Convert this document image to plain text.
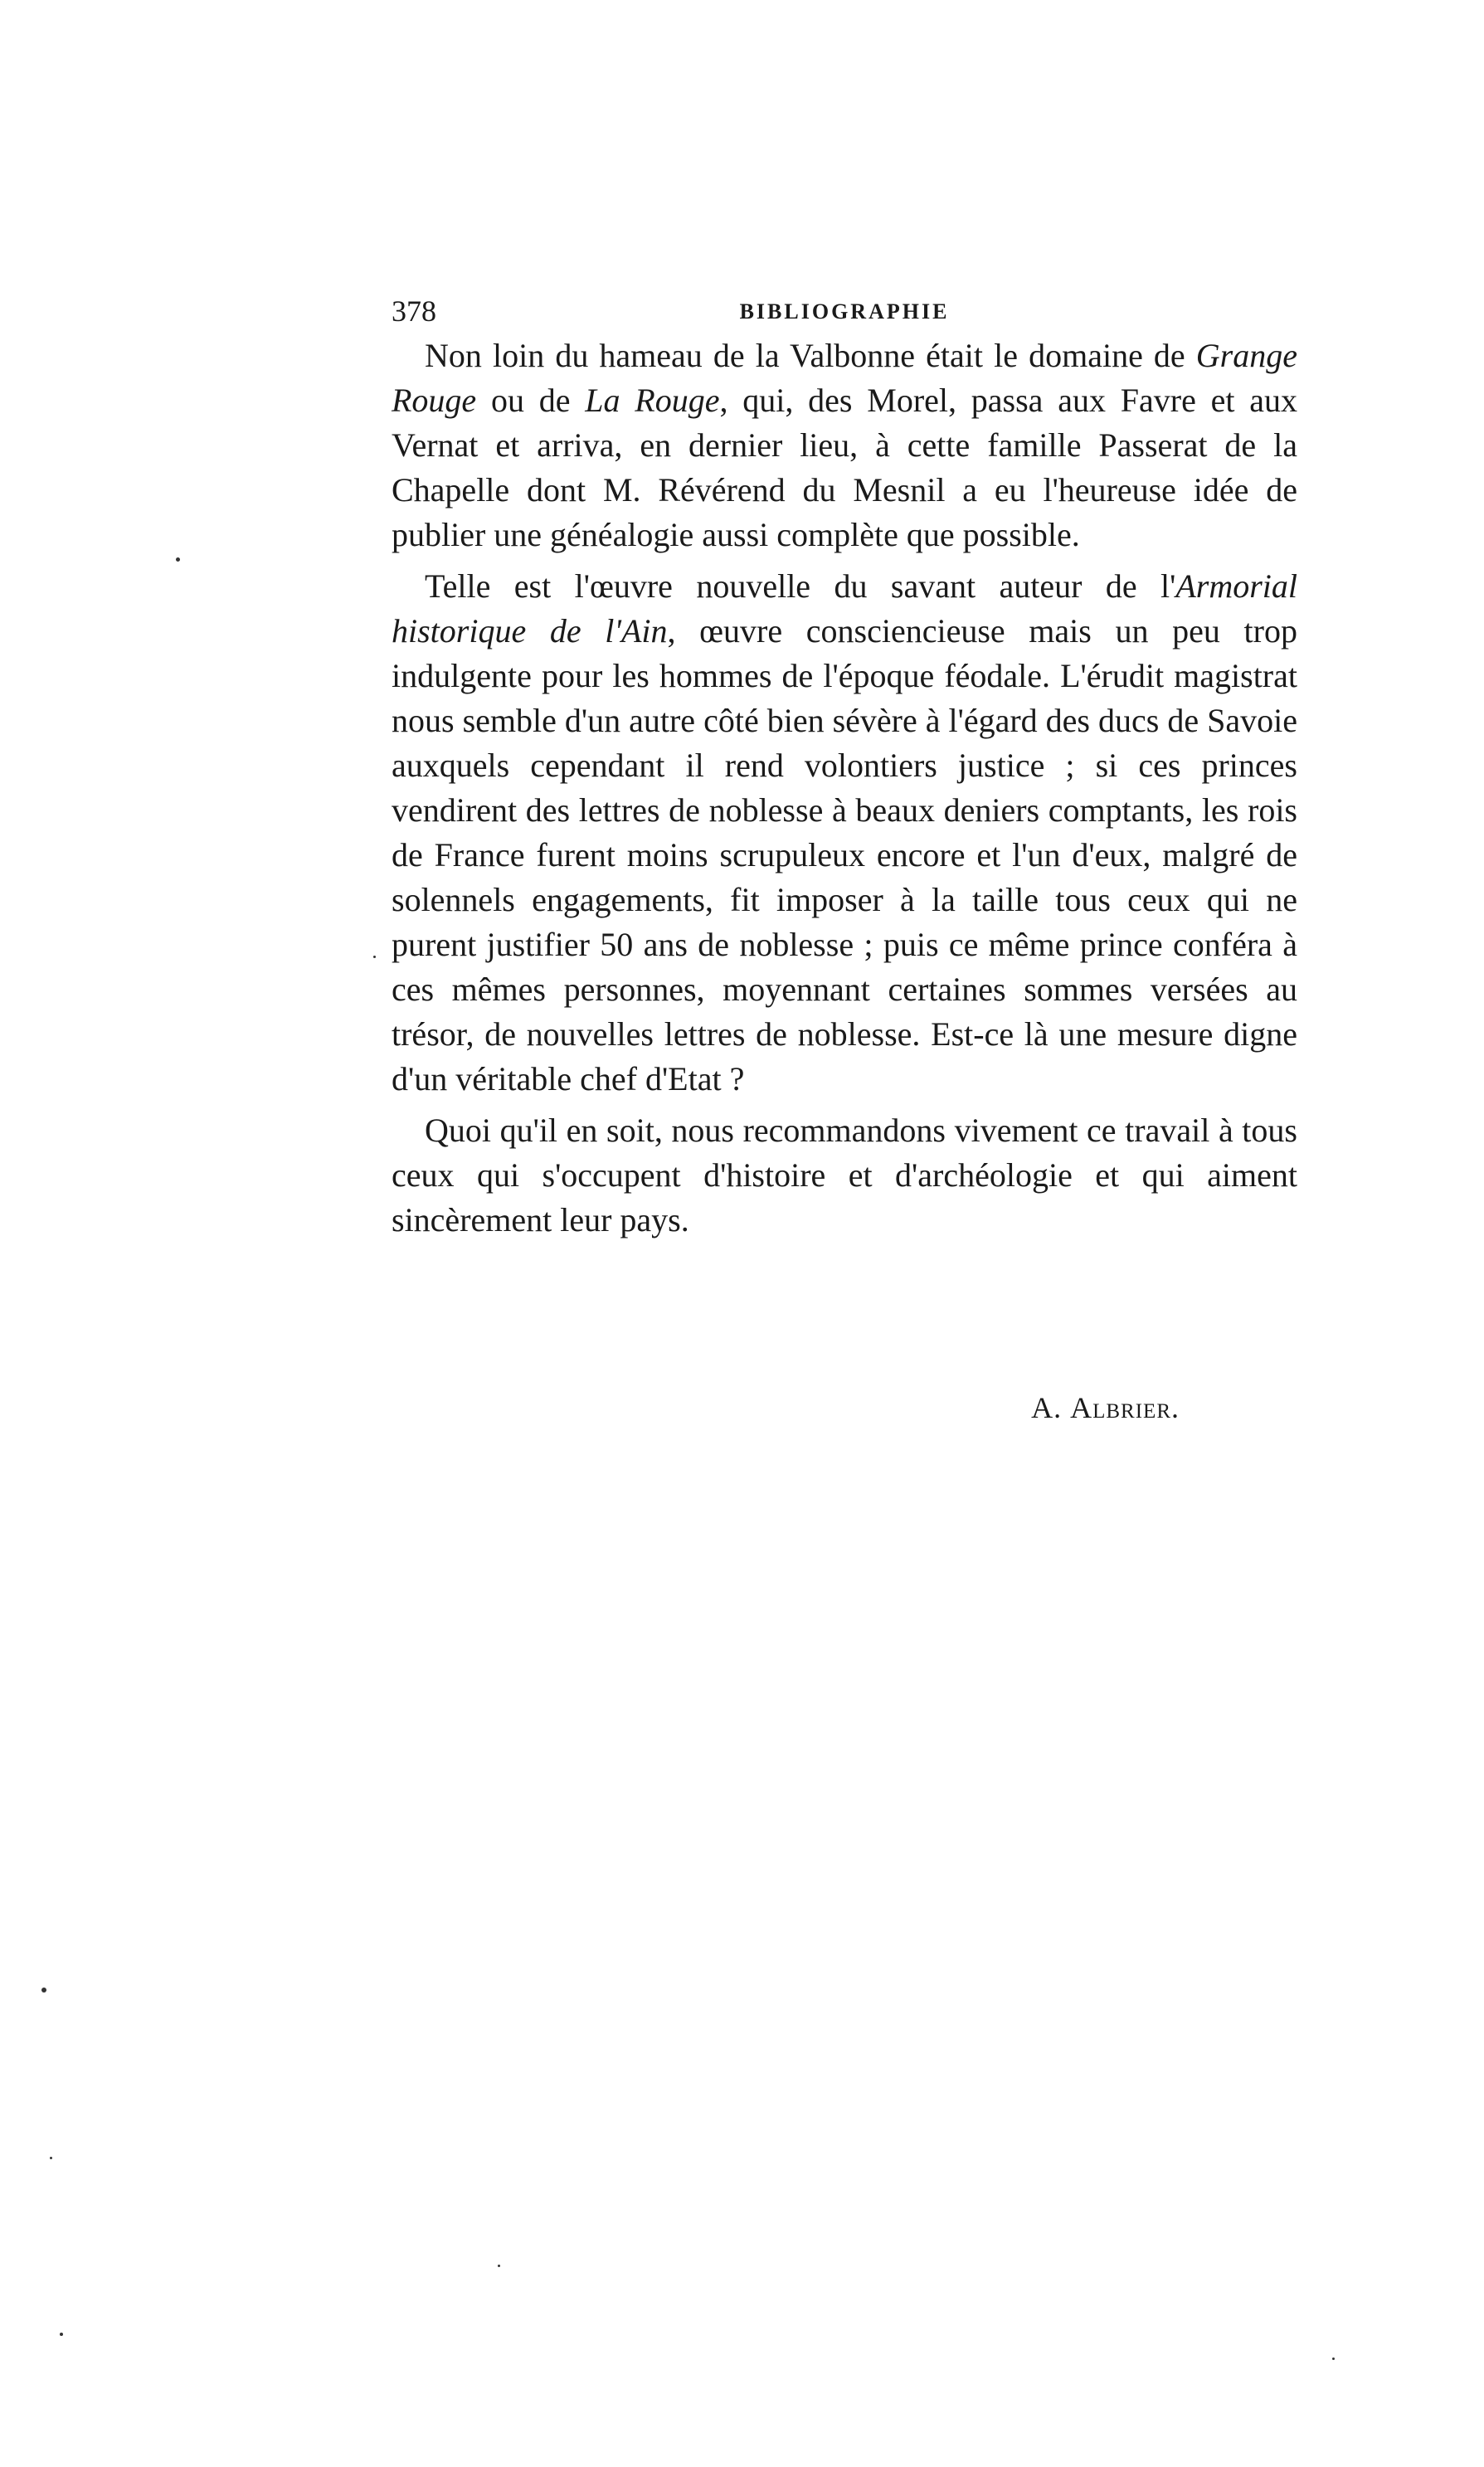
378	BIBLIOGRAPHIE

Non loin du hameau de la Valbonne était le domaine de Grange Rouge ou de La Rouge, qui, des Morel, passa aux Favre et aux Vernat et arriva, en dernier lieu, à cette famille Passerat de la Chapelle dont M. Révérend du Mesnil a eu l'heureuse idée de publier une généalogie aussi complète que possible.

Telle est l'œuvre nouvelle du savant auteur de l'Armorial historique de l'Ain, œuvre consciencieuse mais un peu trop indulgente pour les hommes de l'époque féodale. L'érudit magistrat nous semble d'un autre côté bien sévère à l'égard des ducs de Savoie auxquels cependant il rend volontiers justice ; si ces princes vendirent des lettres de noblesse à beaux deniers comptants, les rois de France furent moins scrupuleux encore et l'un d'eux, malgré de solennels engagements, fit imposer à la taille tous ceux qui ne purent justifier 50 ans de noblesse ; puis ce même prince conféra à ces mêmes personnes, moyennant certaines sommes versées au trésor, de nouvelles lettres de noblesse. Est-ce là une mesure digne d'un véritable chef d'Etat ?

Quoi qu'il en soit, nous recommandons vivement ce travail à tous ceux qui s'occupent d'histoire et d'archéologie et qui aiment sincèrement leur pays.

A. Albrier.
